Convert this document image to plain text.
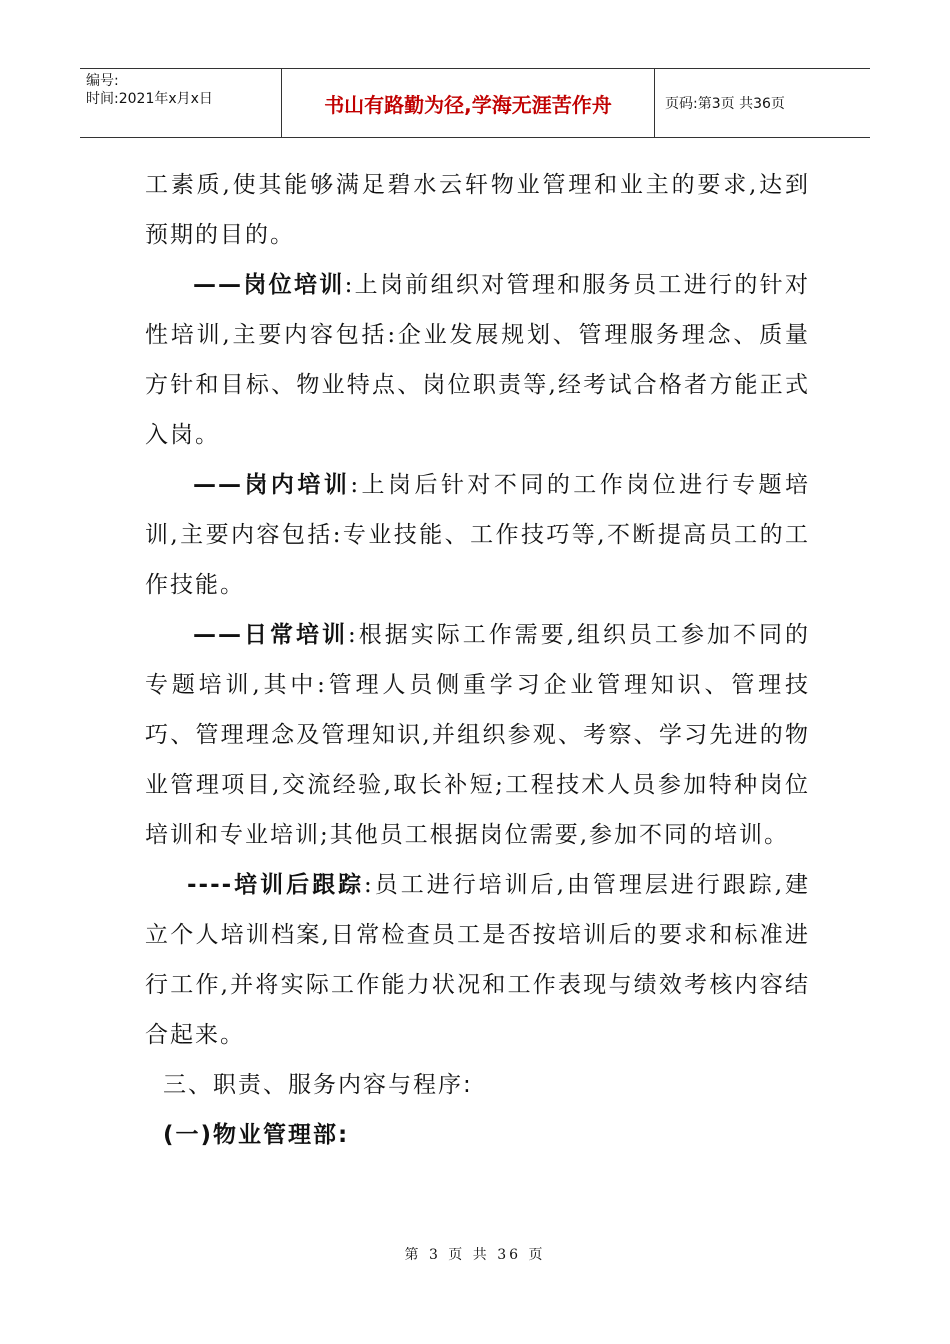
编号:
时间:2021年x月x日	书山有路勤为径,学海无涯苦作舟	页码:第3页 共36页

工素质,使其能够满足碧水云轩物业管理和业主的要求,达到预期的目的。

——岗位培训:上岗前组织对管理和服务员工进行的针对性培训,主要内容包括:企业发展规划、管理服务理念、质量方针和目标、物业特点、岗位职责等,经考试合格者方能正式入岗。

——岗内培训:上岗后针对不同的工作岗位进行专题培训,主要内容包括:专业技能、工作技巧等,不断提高员工的工作技能。

——日常培训:根据实际工作需要,组织员工参加不同的专题培训,其中:管理人员侧重学习企业管理知识、管理技巧、管理理念及管理知识,并组织参观、考察、学习先进的物业管理项目,交流经验,取长补短;工程技术人员参加特种岗位培训和专业培训;其他员工根据岗位需要,参加不同的培训。

----培训后跟踪:员工进行培训后,由管理层进行跟踪,建立个人培训档案,日常检查员工是否按培训后的要求和标准进行工作,并将实际工作能力状况和工作表现与绩效考核内容结合起来。

三、职责、服务内容与程序:

(一)物业管理部:

第 3 页 共 36 页
